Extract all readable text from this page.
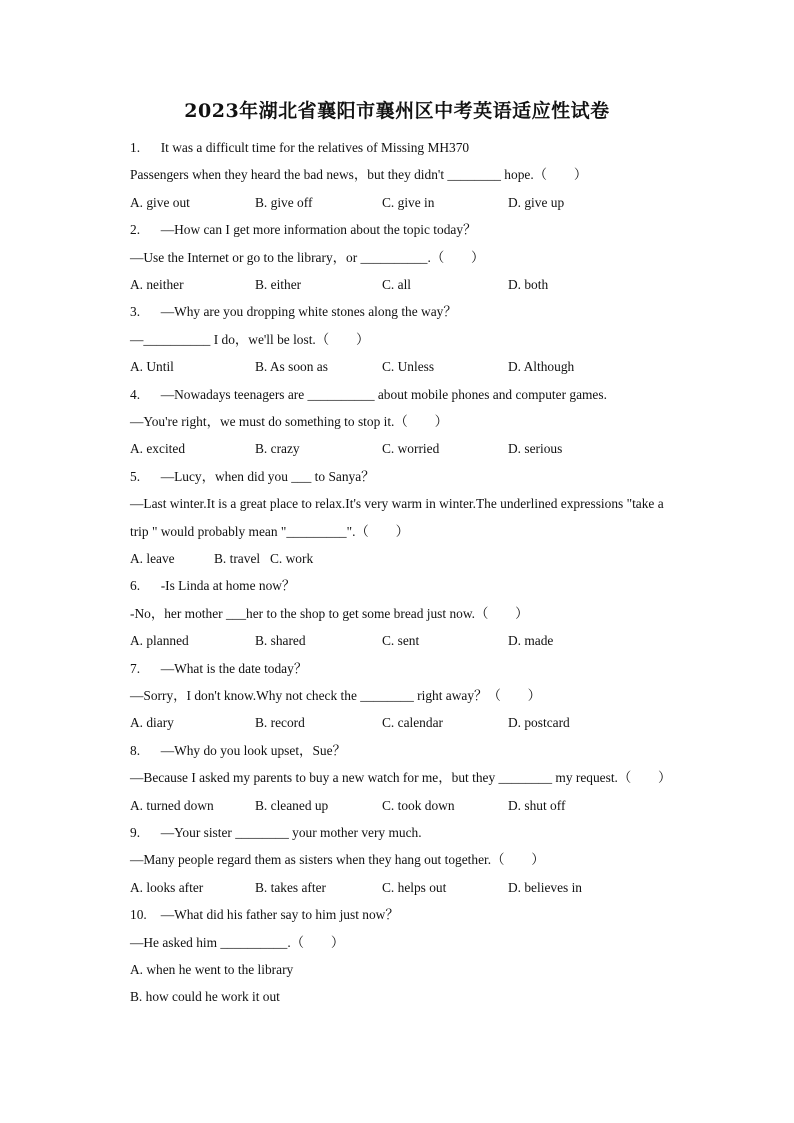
2023年湖北省襄阳市襄州区中考英语适应性试卷
1. It was a difficult time for the relatives of Missing MH370
Passengers when they heard the bad news，but they didn't ________ hope.（　　）
A. give out	B. give off	C. give in	D. give up
2. —How can I get more information about the topic today？
—Use the Internet or go to the library，or __________.（　　）
A. neither	B. either	C. all	D. both
3. —Why are you dropping white stones along the way？
—__________ I do，we'll be lost.（　　）
A. Until	B. As soon as	C. Unless	D. Although
4. —Nowadays teenagers are __________ about mobile phones and computer games.
—You're right，we must do something to stop it.（　　）
A. excited	B. crazy	C. worried	D. serious
5. —Lucy，when did you ___ to Sanya？
—Last winter.It is a great place to relax.It's very warm in winter.The underlined expressions "take a
trip " would probably mean "_________".（　　）
A. leave	B. travel C. work
6. -Is Linda at home now？
-No，her mother ___her to the shop to get some bread just now.（　　）
A. planned	B. shared	C. sent	D. made
7. —What is the date today？
—Sorry，I don't know.Why not check the ________ right away？（　　）
A. diary	B. record	C. calendar	D. postcard
8. —Why do you look upset，Sue？
—Because I asked my parents to buy a new watch for me，but they ________ my request.（　　）
A. turned down	B. cleaned up	C. took down	D. shut off
9. —Your sister ________ your mother very much.
—Many people regard them as sisters when they hang out together.（　　）
A. looks after	B. takes after	C. helps out	D. believes in
10. —What did his father say to him just now？
—He asked him __________.（　　）
A. when he went to the library
B. how could he work it out
